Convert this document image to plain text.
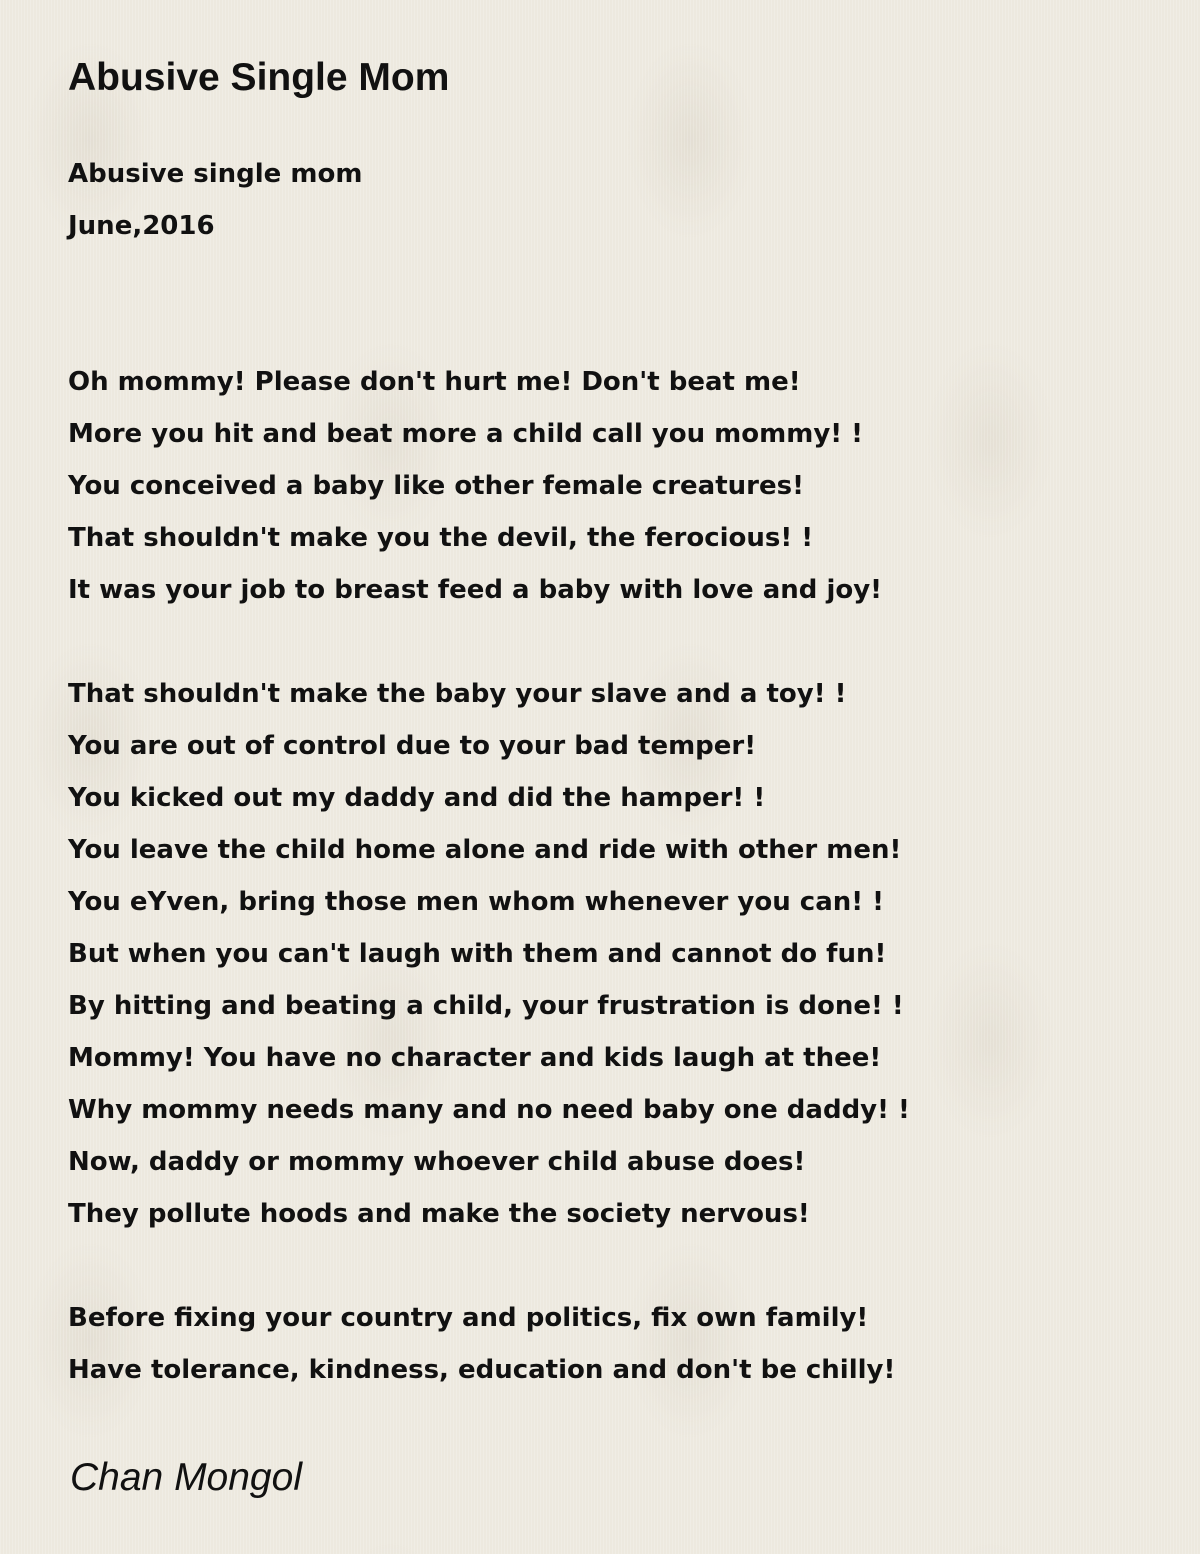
Abusive Single Mom
Abusive single mom
June,2016
Oh mommy! Please don't hurt me! Don't beat me!
More you hit and beat more a child call you mommy! !
You conceived a baby like other female creatures!
That shouldn't make you the devil, the ferocious! !
It was your job to breast feed a baby with love and joy!
That shouldn't make the baby your slave and a toy! !
You are out of control due to your bad temper!
You kicked out my daddy and did the hamper! !
You leave the child home alone and ride with other men!
You eYven, bring those men whom whenever you can! !
But when you can't laugh with them and cannot do fun!
By hitting and beating a child, your frustration is done! !
Mommy! You have no character and kids laugh at thee!
Why mommy needs many and no need baby one daddy! !
Now, daddy or mommy whoever child abuse does!
They pollute hoods and make the society nervous!
Before fixing your country and politics, fix own family!
Have tolerance, kindness, education and don't be chilly!
Chan Mongol
